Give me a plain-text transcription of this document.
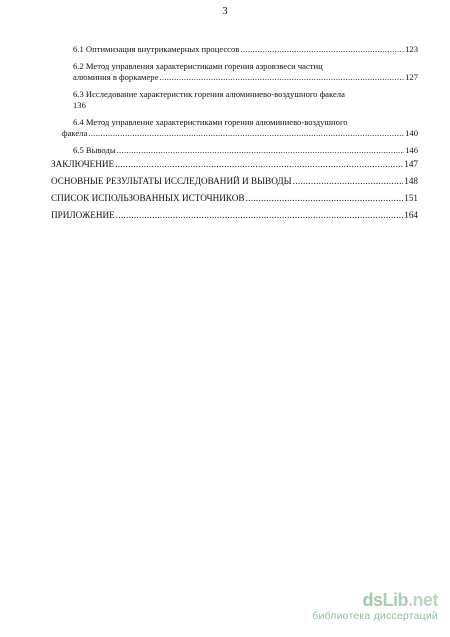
3
6.1 Оптимизация внутрикамерных процессов .....	123
6.2 Метод управления характеристиками горения аэровзвеси частиц
алюминия в форкамере .....	127
6.3 Исследование характеристик горения алюминиево-воздушного факела
136
6.4 Метод управление характеристиками горения алюминиево-воздушного
факела .....	140
6.5 Выводы .....	146
ЗАКЛЮЧЕНИЕ .....	147
ОСНОВНЫЕ РЕЗУЛЬТАТЫ ИССЛЕДОВАНИЙ И ВЫВОДЫ .....	148
СПИСОК ИСПОЛЬЗОВАННЫХ ИСТОЧНИКОВ .....	151
ПРИЛОЖЕНИЕ .....	164
dsLib.net
библиотека диссертаций
